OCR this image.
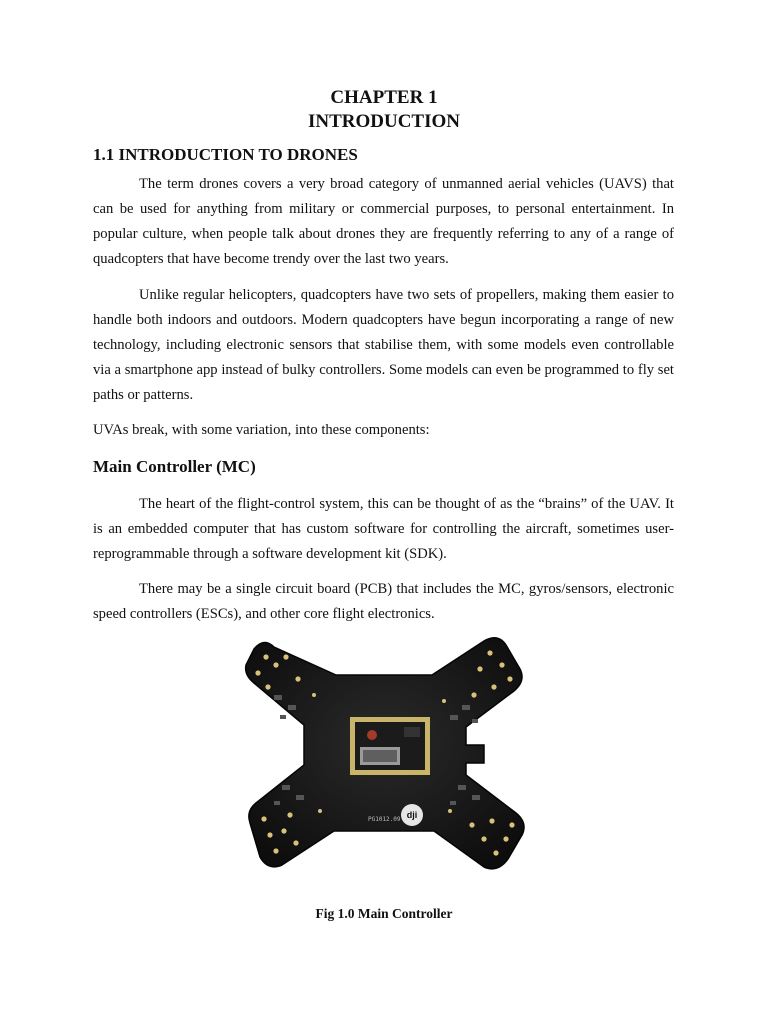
CHAPTER 1
INTRODUCTION
1.1 INTRODUCTION TO DRONES

The term drones covers a very broad category of unmanned aerial vehicles (UAVS) that can be used for anything from military or commercial purposes, to personal entertainment. In popular culture, when people talk about drones they are frequently referring to any of a range of quadcopters that have become trendy over the last two years.

Unlike regular helicopters, quadcopters have two sets of propellers, making them easier to handle both indoors and outdoors. Modern quadcopters have begun incorporating a range of new technology, including electronic sensors that stabilise them, with some models even controllable via a smartphone app instead of bulky controllers. Some models can even be programmed to fly set paths or patterns.

UVAs break, with some variation, into these components:

Main Controller (MC)

The heart of the flight-control system, this can be thought of as the “brains” of the UAV. It is an embedded computer that has custom software for controlling the aircraft, sometimes user-reprogrammable through a software development kit (SDK).

There may be a single circuit board (PCB) that includes the MC, gyros/sensors, electronic speed controllers (ESCs), and other core flight electronics.

PG1012.09 dji
Fig 1.0 Main Controller
